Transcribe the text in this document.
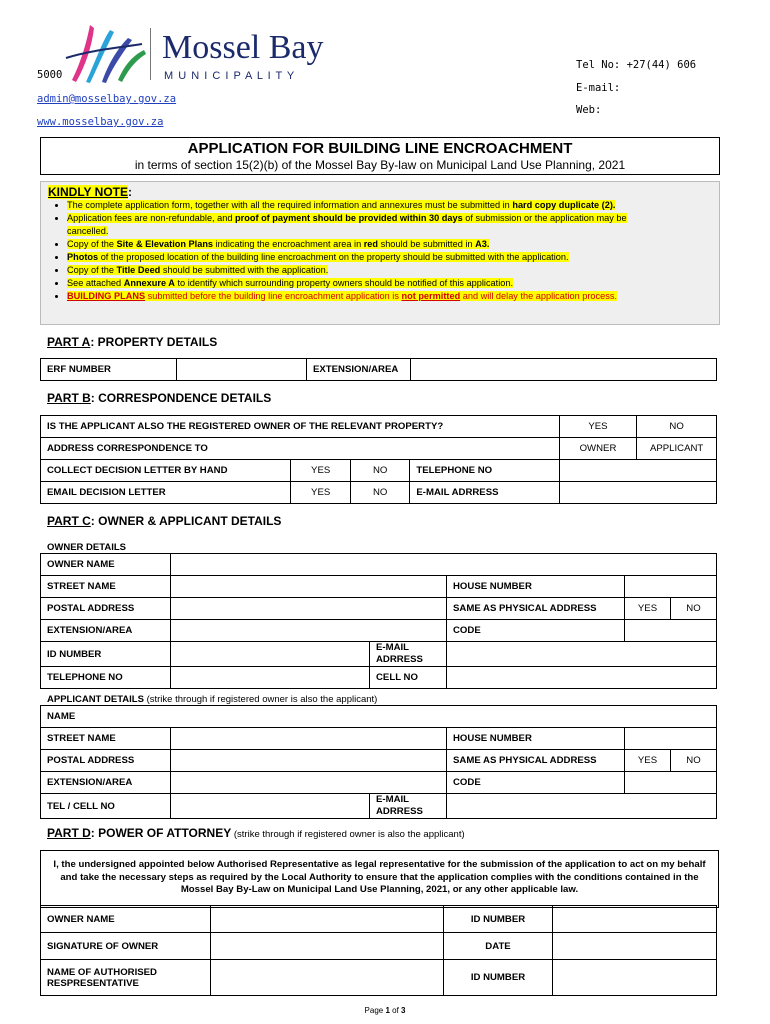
Mossel Bay
M U N I C I P A L I T Y
5000
admin@mosselbay.gov.za
www.mosselbay.gov.za
Tel No: +27(44) 606
E-mail:
Web:
APPLICATION FOR BUILDING LINE ENCROACHMENT
in terms of section 15(2)(b) of the Mossel Bay By-law on Municipal Land Use Planning, 2021
KINDLY NOTE:
• The complete application form, together with all the required information and annexures must be submitted in hard copy duplicate (2).
• Application fees are non-refundable, and proof of payment should be provided within 30 days of submission or the application may be
cancelled.
• Copy of the Site & Elevation Plans indicating the encroachment area in red should be submitted in A3.
• Photos of the proposed location of the building line encroachment on the property should be submitted with the application.
• Copy of the Title Deed should be submitted with the application.
• See attached Annexure A to identify which surrounding property owners should be notified of this application.
• BUILDING PLANS submitted before the building line encroachment application is not permitted and will delay the application process.
PART A: PROPERTY DETAILS
ERF NUMBER		EXTENSION/AREA	
PART B: CORRESPONDENCE DETAILS
IS THE APPLICANT ALSO THE REGISTERED OWNER OF THE RELEVANT PROPERTY?				YES	NO
ADDRESS CORRESPONDENCE TO				OWNER	APPLICANT
COLLECT DECISION LETTER BY HAND	YES	NO	TELEPHONE NO		
EMAIL DECISION LETTER	YES	NO	E-MAIL ADRRESS		
PART C: OWNER & APPLICANT DETAILS
OWNER DETAILS
OWNER NAME					
STREET NAME			HOUSE NUMBER		
POSTAL ADDRESS			SAME AS PHYSICAL ADDRESS	YES	NO
EXTENSION/AREA			CODE		
ID NUMBER		E-MAIL ADRRESS			
TELEPHONE NO		CELL NO			
APPLICANT DETAILS (strike through if registered owner is also the applicant)
NAME					
STREET NAME			HOUSE NUMBER		
POSTAL ADDRESS			SAME AS PHYSICAL ADDRESS	YES	NO
EXTENSION/AREA			CODE		
TEL / CELL NO		E-MAIL ADRRESS			
PART D: POWER OF ATTORNEY (strike through if registered owner is also the applicant)
I, the undersigned appointed below Authorised Representative as legal representative for the submission of the application to act on my behalf and take the necessary steps as required by the Local Authority to ensure that the application complies with the conditions contained in the Mossel Bay By-Law on Municipal Land Use Planning, 2021, or any other applicable law.
OWNER NAME		ID NUMBER	
SIGNATURE OF OWNER		DATE	
NAME OF AUTHORISED RESPRESENTATIVE		ID NUMBER	
Page 1 of 3
